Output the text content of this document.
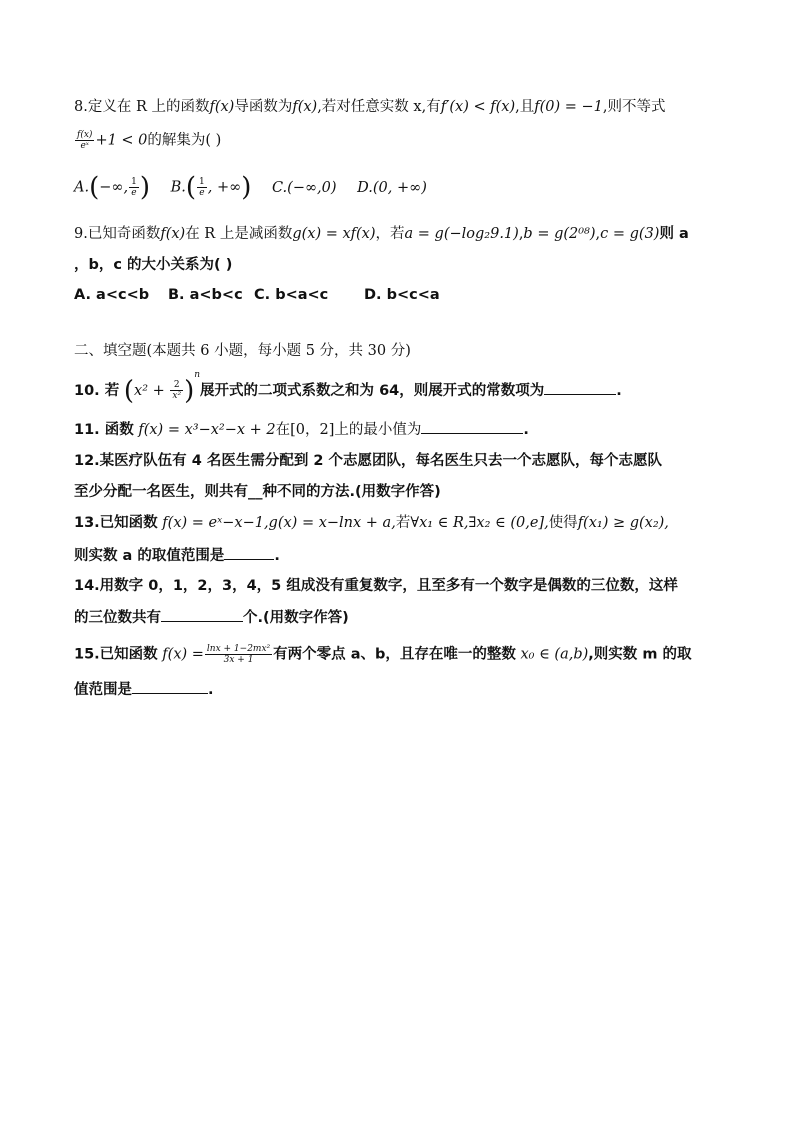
8.定义在 R 上的函数f(x)导函数为f(x),若对任意实数 x,有f′(x) < f(x),且f(0) = −1,则不等式
$\frac{f(x)}{\text{eˣ}} +1 < 0$的解集为( )
A.(−∞, $\frac{1}{e}$ ) $B.( \frac{1}{e}$ , +∞) C.(−∞,0) D.(0, +∞)
9.已知奇函数f(x)在 R 上是减函数g(x) = xf(x)，若a = g(−log₂9.1),b = g(2⁰⁸),c = g(3)则 a
，b，c 的大小关系为( )
A. a<c<b B. a<b<c C. b<a<c D. b<c<a
二、填空题(本题共 6 小题，每小题 5 分，共 30 分)
10. 若 $(x^2 + \frac{2}{\text{x²}} )^n$展开式的二项式系数之和为 64，则展开式的常数项为	.
11. 函数 f(x) = x³−x²−x + 2在[0，2]上的最小值为	.
12.某医疗队伍有 4 名医生需分配到 2 个志愿团队，每名医生只去一个志愿队，每个志愿队
至少分配一名医生，则共有__种不同的方法.(用数字作答)
13.已知函数 f(x) = eˣ−x−1,g(x) = x−lnx + a,若∀x₁ ∈ R,∃x₂ ∈ (0,e],使得f(x₁) ≥ g(x₂),
则实数 a 的取值范围是	.
14.用数字 0，1，2，3，4，5 组成没有重复数字，且至多有一个数字是偶数的三位数，这样
的三位数共有	个.(用数字作答)
15.已知函数 $f(x) = \frac{\text{lnx + 1−2mx²}}{3x + 1}$ 有两个零点 a、b，且存在唯一的整数 x₀ ∈ (a,b),则实数 m 的取
值范围是	.
